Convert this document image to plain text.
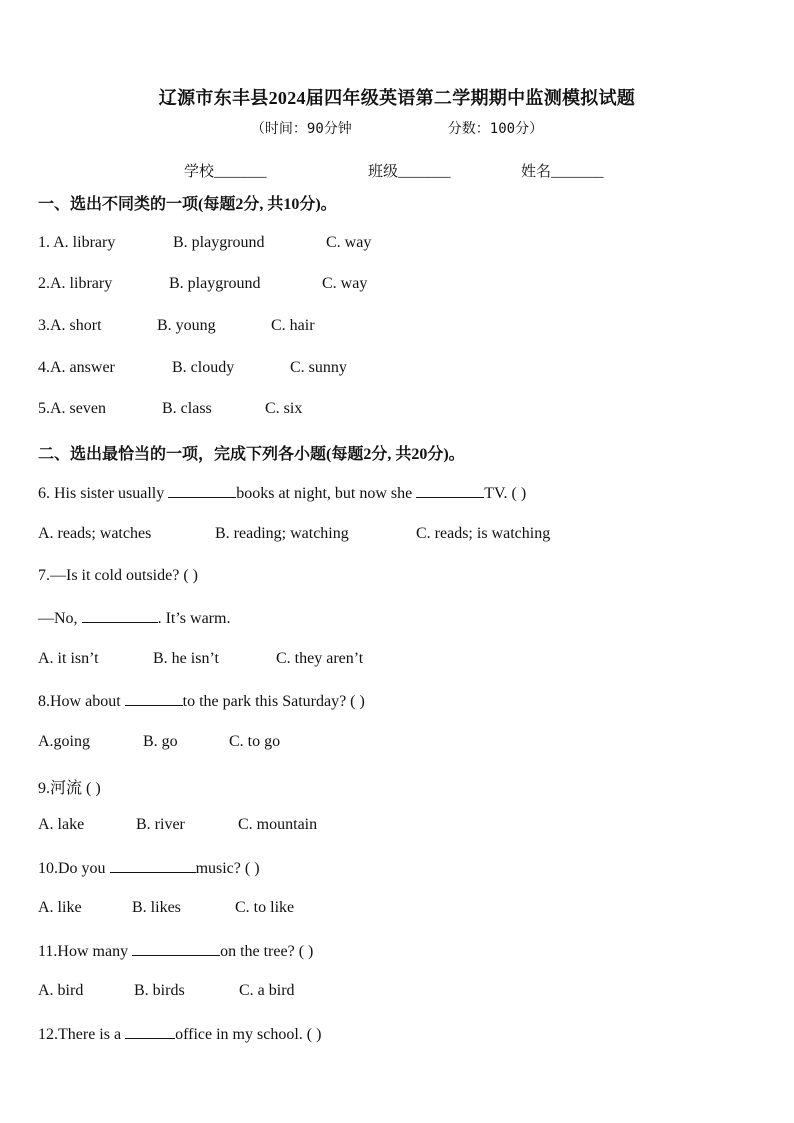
辽源市东丰县2024届四年级英语第二学期期中监测模拟试题
（时间：90分钟	分数：100分）
学校_______	班级_______	姓名_______
一、选出不同类的一项(每题2分, 共10分)。
1. A. library	B. playground	C. way
2.A. library	B. playground	C. way
3.A. short	B. young	C. hair
4.A. answer	B. cloudy	C. sunny
5.A. seven	B. class	C. six
二、选出最恰当的一项，完成下列各小题(每题2分, 共20分)。
6. His sister usually	books at night, but now she	TV. ( )
A. reads; watches	B. reading; watching	C. reads; is watching
7.—Is it cold outside? ( )
—No,	. It’s warm.
A. it isn’t	B. he isn’t	C. they aren’t
8.How about	to the park this Saturday? ( )
A.going	B. go	C. to go
9.河流 ( )
A. lake	B. river	C. mountain
10.Do you	music? ( )
A. like	B. likes	C. to like
11.How many	on the tree? ( )
A. bird	B. birds	C. a bird
12.There is a	office in my school. ( )
